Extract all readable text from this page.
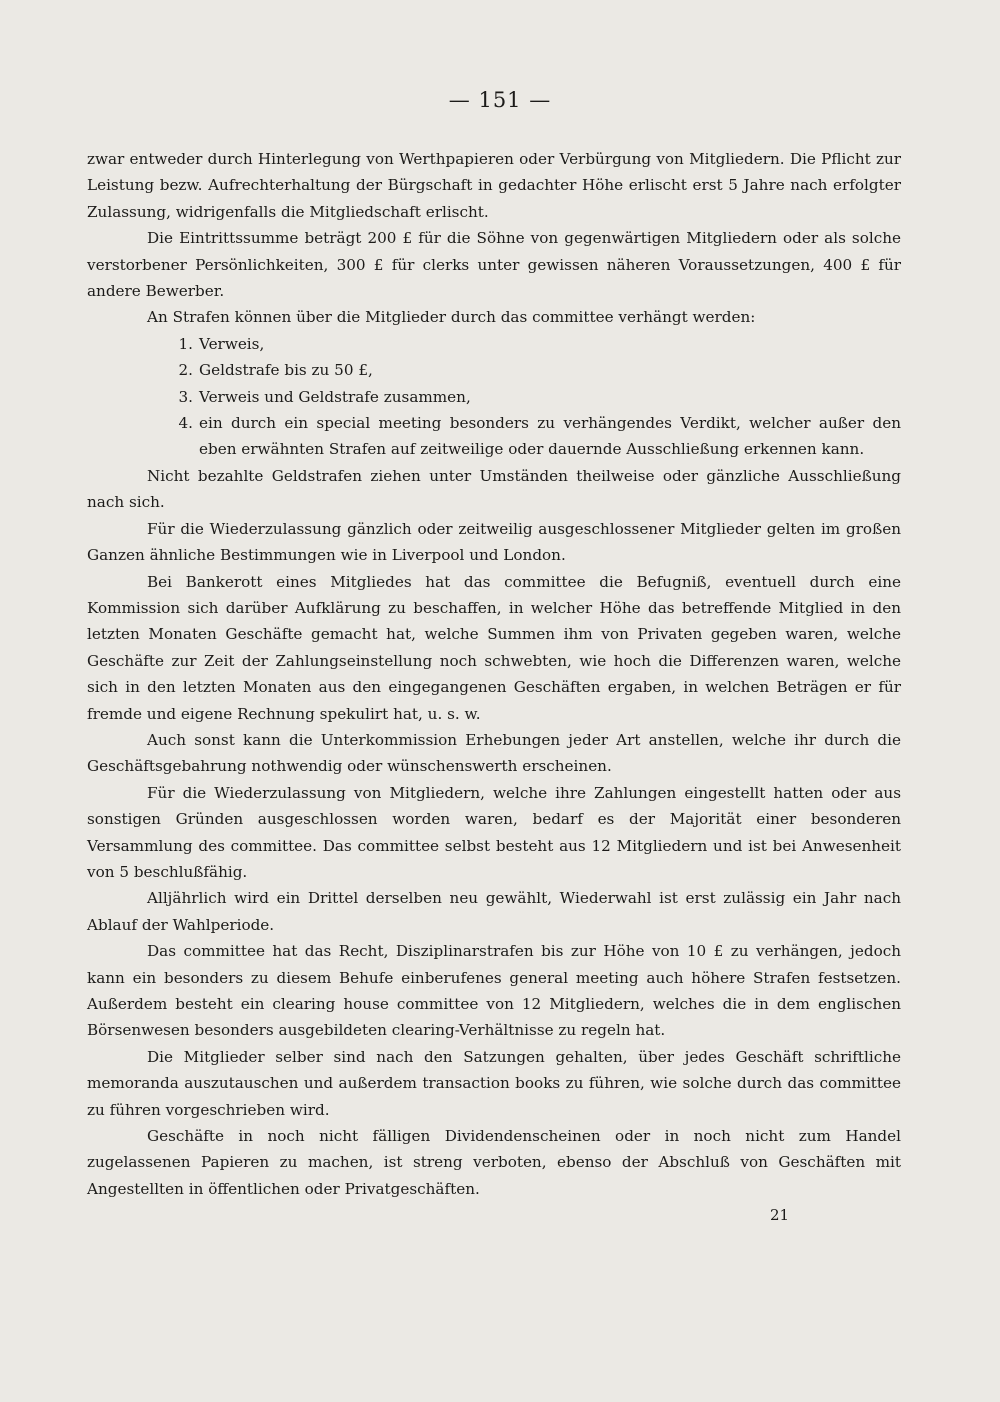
— 151 —

zwar entweder durch Hinterlegung von Werthpapieren oder Verbürgung von Mitgliedern. Die Pflicht zur Leistung bezw. Aufrechterhaltung der Bürgschaft in gedachter Höhe erlischt erst 5 Jahre nach erfolgter Zulassung, widrigenfalls die Mitgliedschaft erlischt.

Die Eintrittssumme beträgt 200 £ für die Söhne von gegenwärtigen Mitgliedern oder als solche verstorbener Persönlichkeiten, 300 £ für clerks unter gewissen näheren Voraussetzungen, 400 £ für andere Bewerber.

An Strafen können über die Mitglieder durch das committee verhängt werden:

1. Verweis,
2. Geldstrafe bis zu 50 £,
3. Verweis und Geldstrafe zusammen,
4. ein durch ein special meeting besonders zu verhängendes Verdikt, welcher außer den eben erwähnten Strafen auf zeitweilige oder dauernde Ausschließung erkennen kann.

Nicht bezahlte Geldstrafen ziehen unter Umständen theilweise oder gänzliche Ausschließung nach sich.

Für die Wiederzulassung gänzlich oder zeitweilig ausgeschlossener Mitglieder gelten im großen Ganzen ähnliche Bestimmungen wie in Liverpool und London.

Bei Bankerott eines Mitgliedes hat das committee die Befugniß, eventuell durch eine Kommission sich darüber Aufklärung zu beschaffen, in welcher Höhe das betreffende Mitglied in den letzten Monaten Geschäfte gemacht hat, welche Summen ihm von Privaten gegeben waren, welche Geschäfte zur Zeit der Zahlungseinstellung noch schwebten, wie hoch die Differenzen waren, welche sich in den letzten Monaten aus den eingegangenen Geschäften ergaben, in welchen Beträgen er für fremde und eigene Rechnung spekulirt hat, u. s. w.

Auch sonst kann die Unterkommission Erhebungen jeder Art anstellen, welche ihr durch die Geschäftsgebahrung nothwendig oder wünschenswerth erscheinen.

Für die Wiederzulassung von Mitgliedern, welche ihre Zahlungen eingestellt hatten oder aus sonstigen Gründen ausgeschlossen worden waren, bedarf es der Majorität einer besonderen Versammlung des committee. Das committee selbst besteht aus 12 Mitgliedern und ist bei Anwesenheit von 5 beschlußfähig.

Alljährlich wird ein Drittel derselben neu gewählt, Wiederwahl ist erst zulässig ein Jahr nach Ablauf der Wahlperiode.

Das committee hat das Recht, Disziplinarstrafen bis zur Höhe von 10 £ zu verhängen, jedoch kann ein besonders zu diesem Behufe einberufenes general meeting auch höhere Strafen festsetzen. Außerdem besteht ein clearing house committee von 12 Mitgliedern, welches die in dem englischen Börsenwesen besonders ausgebildeten clearing-Verhältnisse zu regeln hat.

Die Mitglieder selber sind nach den Satzungen gehalten, über jedes Geschäft schriftliche memoranda auszutauschen und außerdem transaction books zu führen, wie solche durch das committee zu führen vorgeschrieben wird.

Geschäfte in noch nicht fälligen Dividendenscheinen oder in noch nicht zum Handel zugelassenen Papieren zu machen, ist streng verboten, ebenso der Abschluß von Geschäften mit Angestellten in öffentlichen oder Privatgeschäften.

21
